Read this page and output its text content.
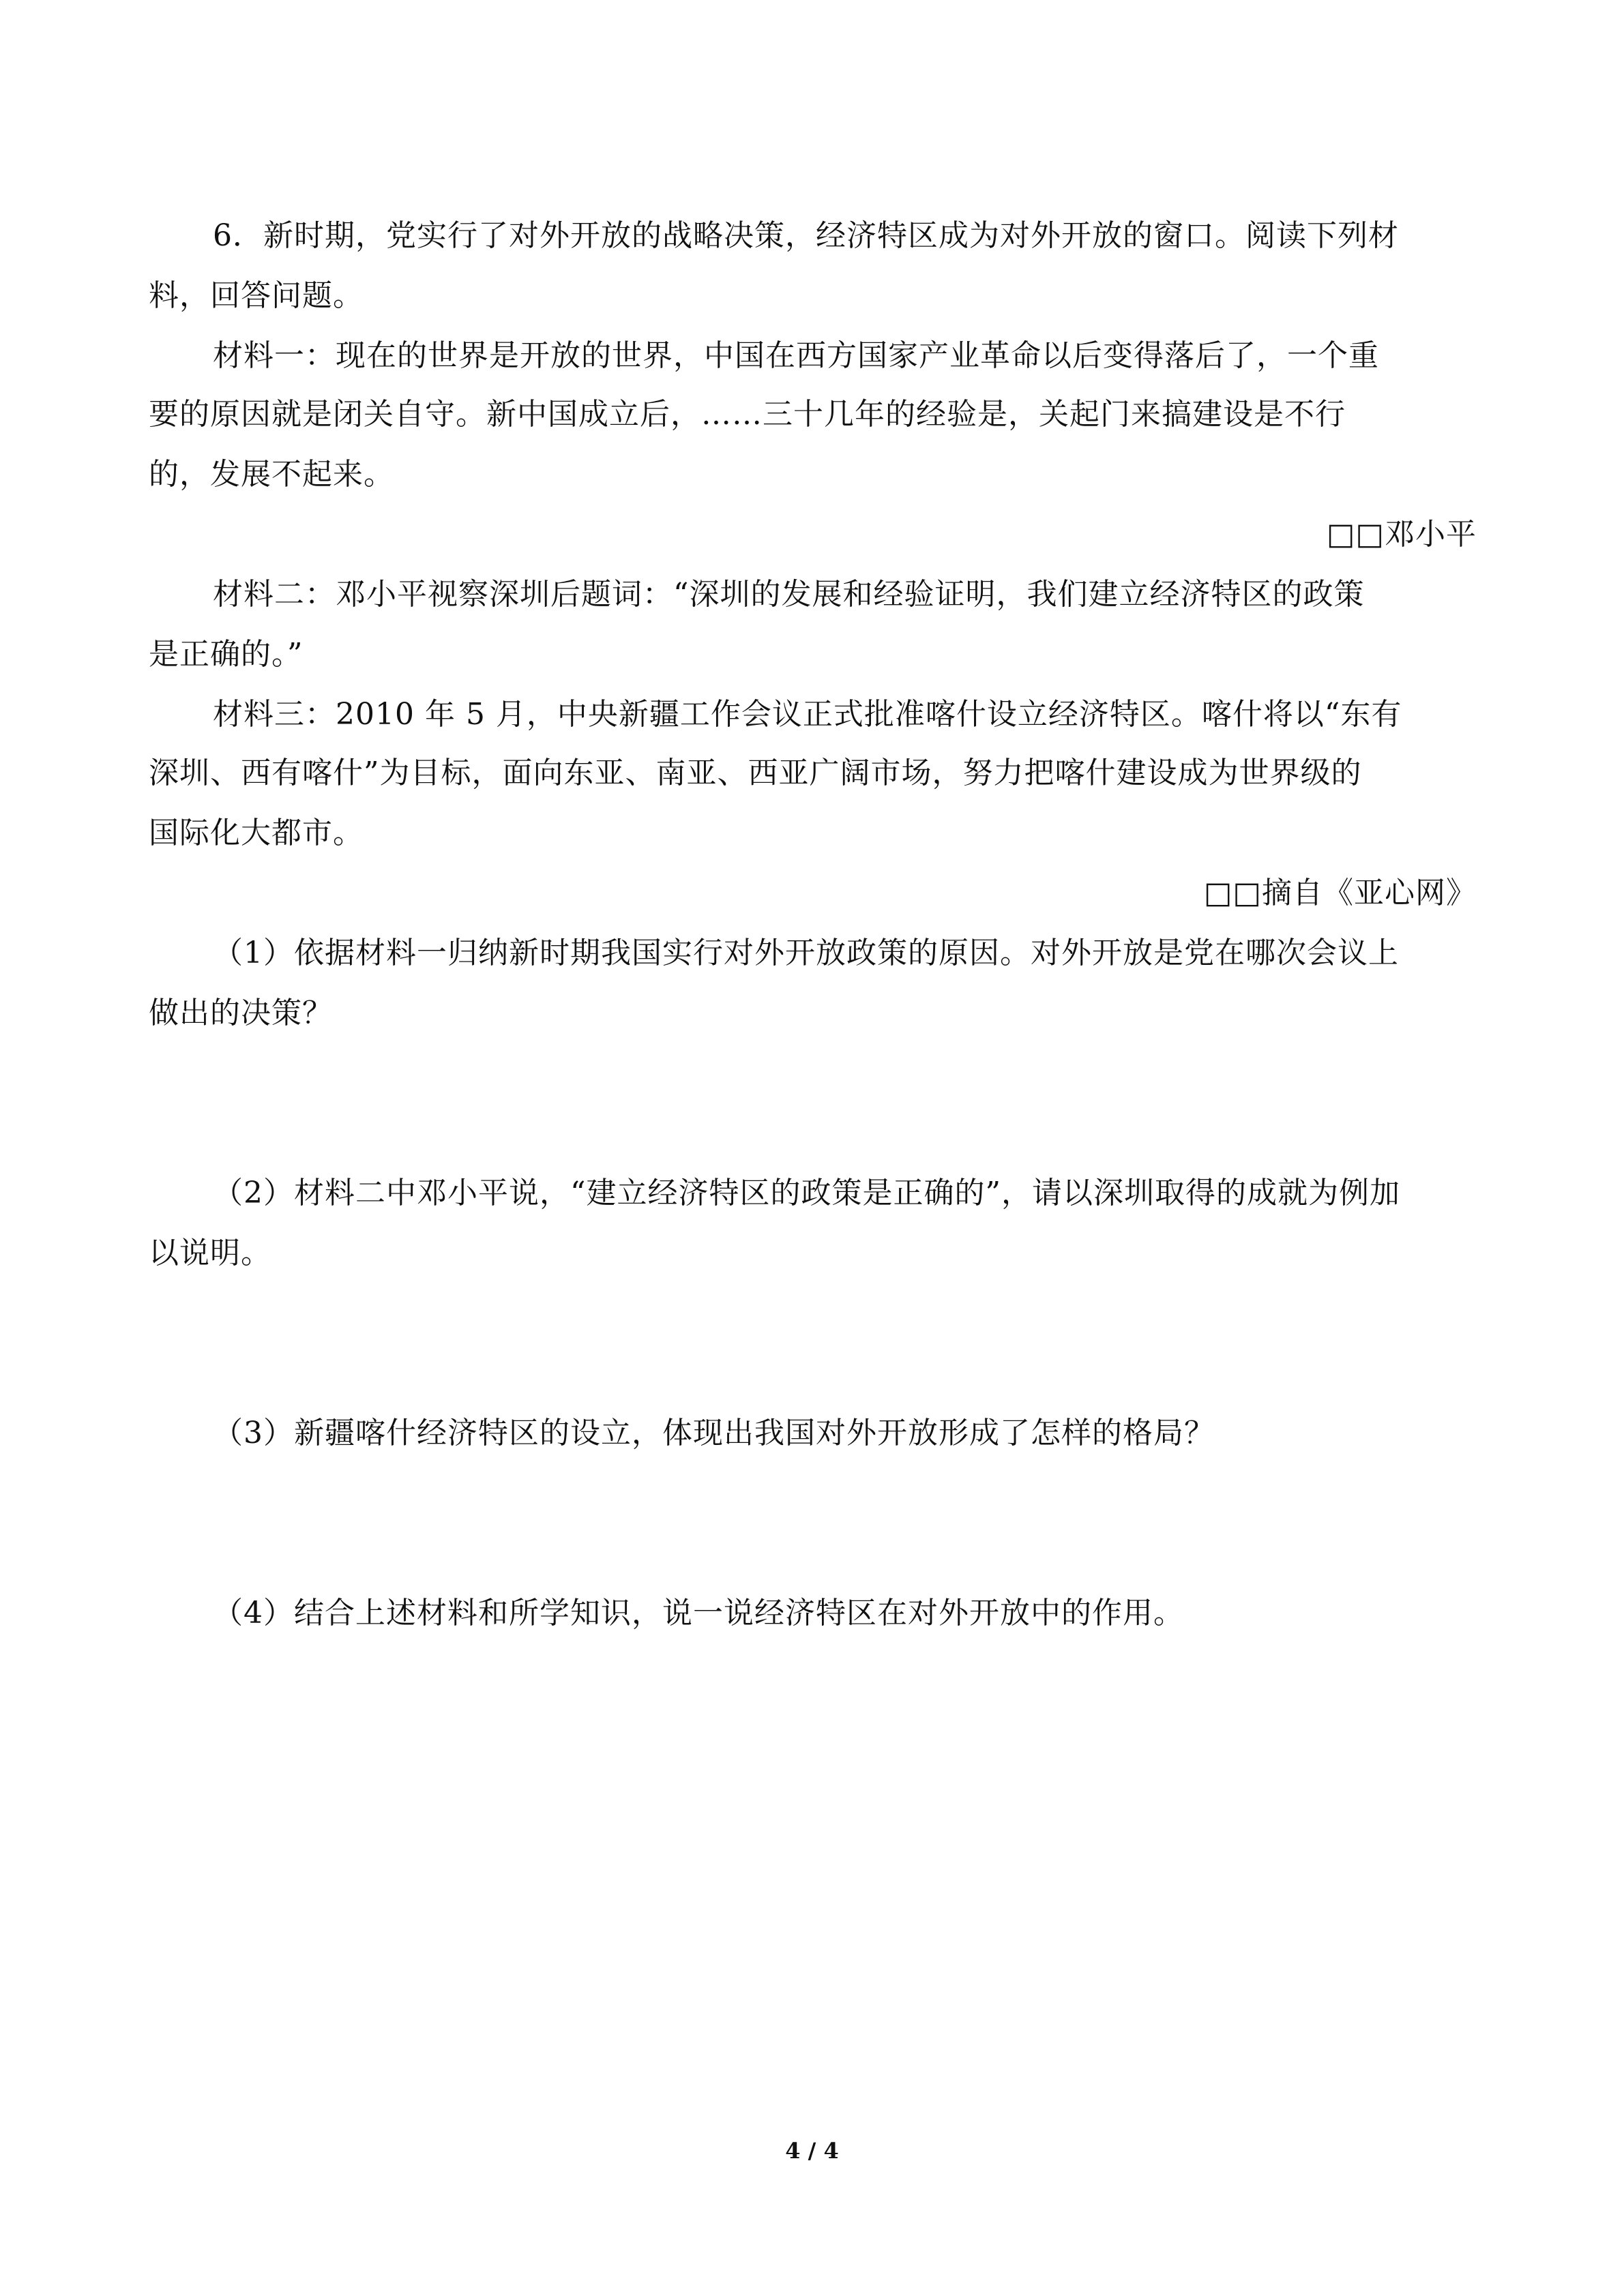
6．新时期，党实行了对外开放的战略决策，经济特区成为对外开放的窗口。阅读下列材
料，回答问题。
材料一：现在的世界是开放的世界，中国在西方国家产业革命以后变得落后了，一个重
要的原因就是闭关自守。新中国成立后，……三十几年的经验是，关起门来搞建设是不行
的，发展不起来。
□□邓小平
材料二：邓小平视察深圳后题词：“深圳的发展和经验证明，我们建立经济特区的政策
是正确的。”
材料三：2010 年 5 月，中央新疆工作会议正式批准喀什设立经济特区。喀什将以“东有
深圳、西有喀什”为目标，面向东亚、南亚、西亚广阔市场，努力把喀什建设成为世界级的
国际化大都市。
□□摘自《亚心网》
（1）依据材料一归纳新时期我国实行对外开放政策的原因。对外开放是党在哪次会议上
做出的决策？
（2）材料二中邓小平说，“建立经济特区的政策是正确的”，请以深圳取得的成就为例加
以说明。
（3）新疆喀什经济特区的设立，体现出我国对外开放形成了怎样的格局？
（4）结合上述材料和所学知识，说一说经济特区在对外开放中的作用。
4 / 4
